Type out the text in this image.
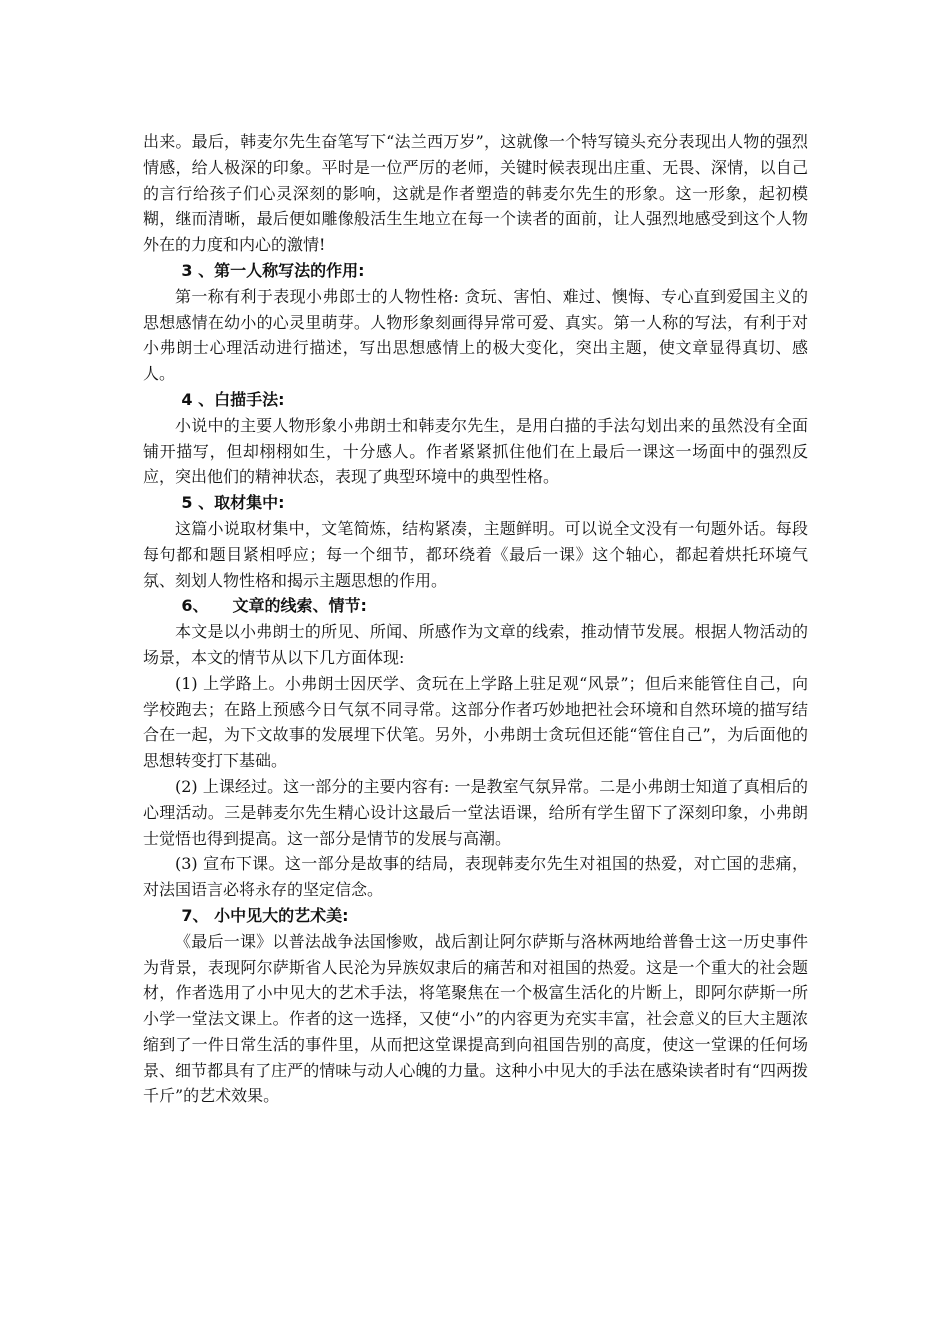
出来。最后，韩麦尔先生奋笔写下“法兰西万岁”，这就像一个特写镜头充分表现出人物的强烈情感，给人极深的印象。平时是一位严厉的老师，关键时候表现出庄重、无畏、深情，以自己的言行给孩子们心灵深刻的影响，这就是作者塑造的韩麦尔先生的形象。这一形象，起初模糊，继而清晰，最后便如雕像般活生生地立在每一个读者的面前，让人强烈地感受到这个人物外在的力度和内心的激情!

3 、第一人称写法的作用:

第一称有利于表现小弗郎士的人物性格: 贪玩、害怕、难过、懊悔、专心直到爱国主义的思想感情在幼小的心灵里萌芽。人物形象刻画得异常可爱、真实。第一人称的写法，有利于对小弗朗士心理活动进行描述，写出思想感情上的极大变化，突出主题，使文章显得真切、感人。

4 、白描手法:

小说中的主要人物形象小弗朗士和韩麦尔先生，是用白描的手法勾划出来的虽然没有全面铺开描写，但却栩栩如生，十分感人。作者紧紧抓住他们在上最后一课这一场面中的强烈反应，突出他们的精神状态，表现了典型环境中的典型性格。

5 、取材集中:

这篇小说取材集中，文笔简炼，结构紧凑，主题鲜明。可以说全文没有一句题外话。每段每句都和题目紧相呼应；每一个细节，都环绕着《最后一课》这个轴心，都起着烘托环境气氛、刻划人物性格和揭示主题思想的作用。

6、　　文章的线索、情节:

本文是以小弗朗士的所见、所闻、所感作为文章的线索，推动情节发展。根据人物活动的场景，本文的情节从以下几方面体现:

(1) 上学路上。小弗朗士因厌学、贪玩在上学路上驻足观“风景”；但后来能管住自己，向学校跑去；在路上预感今日气氛不同寻常。这部分作者巧妙地把社会环境和自然环境的描写结合在一起，为下文故事的发展埋下伏笔。另外，小弗朗士贪玩但还能“管住自己”，为后面他的思想转变打下基础。

(2) 上课经过。这一部分的主要内容有: 一是教室气氛异常。二是小弗朗士知道了真相后的心理活动。三是韩麦尔先生精心设计这最后一堂法语课，给所有学生留下了深刻印象，小弗朗士觉悟也得到提高。这一部分是情节的发展与高潮。

(3) 宣布下课。这一部分是故事的结局，表现韩麦尔先生对祖国的热爱，对亡国的悲痛，对法国语言必将永存的坚定信念。

7、 小中见大的艺术美:

《最后一课》以普法战争法国惨败，战后割让阿尔萨斯与洛林两地给普鲁士这一历史事件为背景，表现阿尔萨斯省人民沦为异族奴隶后的痛苦和对祖国的热爱。这是一个重大的社会题材，作者选用了小中见大的艺术手法，将笔聚焦在一个极富生活化的片断上，即阿尔萨斯一所小学一堂法文课上。作者的这一选择，又使“小”的内容更为充实丰富，社会意义的巨大主题浓缩到了一件日常生活的事件里，从而把这堂课提高到向祖国告别的高度，使这一堂课的任何场景、细节都具有了庄严的情味与动人心魄的力量。这种小中见大的手法在感染读者时有“四两拨千斤”的艺术效果。
